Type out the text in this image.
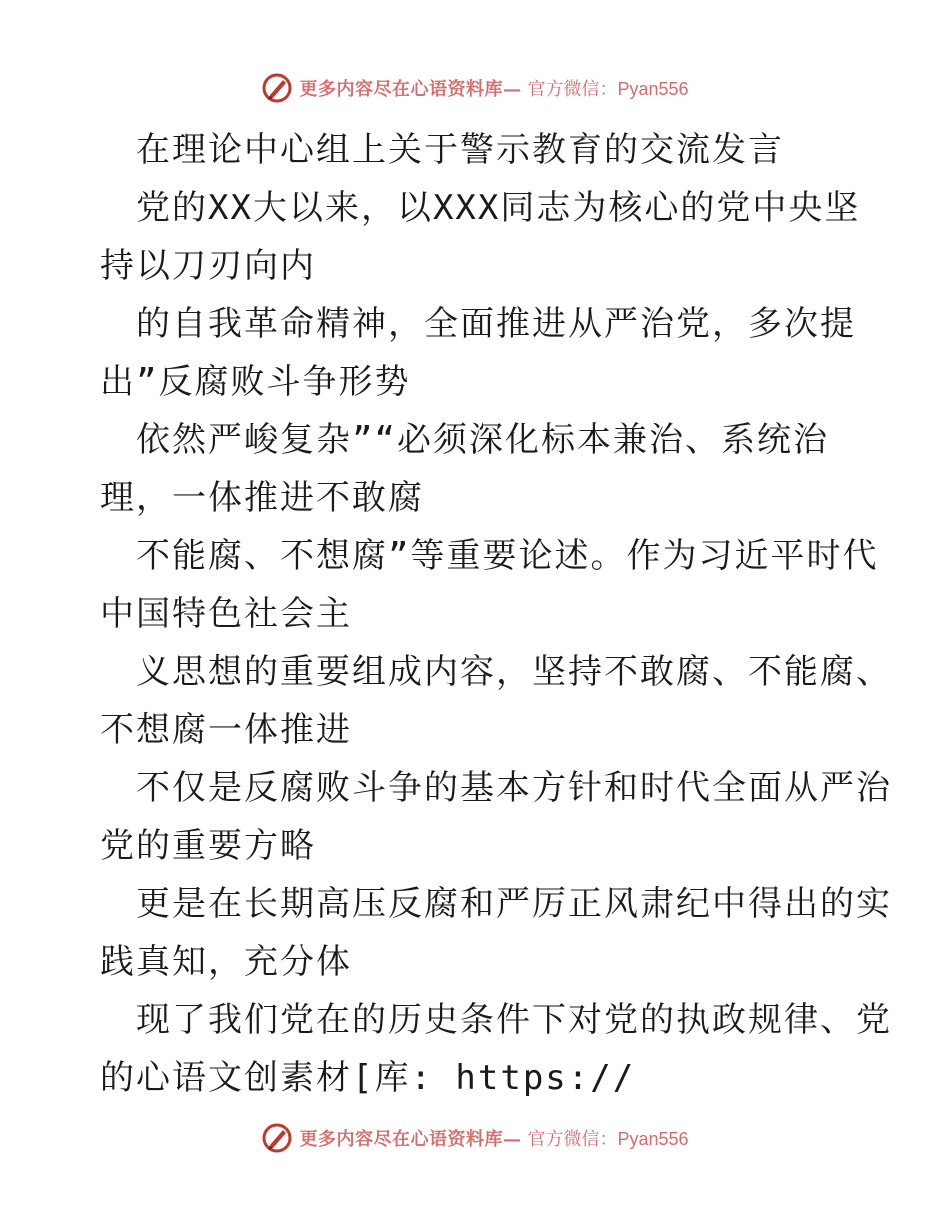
更多内容尽在心语资料库— 官方微信：Pyan556
在理论中心组上关于警示教育的交流发言
党的XX大以来，以XXX同志为核心的党中央坚
持以刀刃向内
的自我革命精神，全面推进从严治党，多次提
出”反腐败斗争形势
依然严峻复杂”“必须深化标本兼治、系统治
理，一体推进不敢腐
不能腐、不想腐”等重要论述。作为习近平时代
中国特色社会主
义思想的重要组成内容，坚持不敢腐、不能腐、
不想腐一体推进
不仅是反腐败斗争的基本方针和时代全面从严治
党的重要方略
更是在长期高压反腐和严厉正风肃纪中得出的实
践真知，充分体
现了我们党在的历史条件下对党的执政规律、党
的心语文创素材[库: https://
更多内容尽在心语资料库— 官方微信：Pyan556
